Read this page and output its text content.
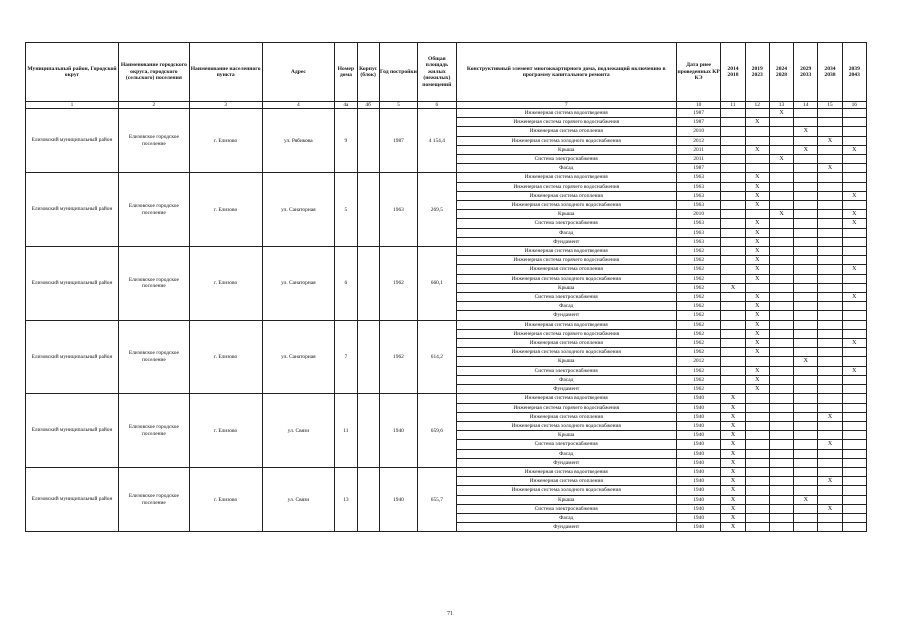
Муниципальный район, Городской округ	Наименование городского округа, городского (сельского) поселения	Наименование населенного пункта	Адрес	Номер дома	Корпус (блок)	Год постройки	Общая площадь жилых (нежилых) помещений	Конструктивный элемент многоквартирного дома, подлежащий включению в программу капитального ремонта	Дата рнее проведенных КР КЭ	2014 2018	2019 2023	2024 2028	2029 2033	2034 2038	2039 2043
1	2	3	4	4а	4б	5	6	7	10	11	12	13	14	15	16
Елизовский муниципальный район	Елизовское городское поселение	г. Елизово	ул. Рябикова	9		1987	4 154,4	Инженерная система водоотведения	1987			X			
								Инженерная система горячего водоснабжения	1987		X				
								Инженерная система отопления	2010				X		
								Инженерная система холодного водоснабжения	2012					X	
								Крыша	2011		X		X		X
								Система электроснабжения	2011			X			
								Фасад	1987					X	
Елизовский муниципальный район	Елизовское городское поселение	г. Елизово	ул. Санаторная	5		1963	269,5	Инженерная система водоотведения	1963		X				
								Инженерная система горячего водоснабжения	1963		X				
								Инженерная система отопления	1963		X				X
								Инженерная система холодного водоснабжения	1963		X				
								Крыша	2010			X			X
								Система электроснабжения	1963		X				X
								Фасад	1963		X				
								Фундамент	1963		X				
Елизовский муниципальный район	Елизовское городское поселение	г. Елизово	ул. Санаторная	6		1962	660,1	Инженерная система водоотведения	1962		X				
								Инженерная система горячего водоснабжения	1962		X				
								Инженерная система отопления	1962		X				X
								Инженерная система холодного водоснабжения	1962		X				
								Крыша	1962	X					
								Система электроснабжения	1962		X				X
								Фасад	1962		X				
								Фундамент	1962		X				
Елизовский муниципальный район	Елизовское городское поселение	г. Елизово	ул. Санаторная	7		1962	614,2	Инженерная система водоотведения	1962		X				
								Инженерная система горячего водоснабжения	1962		X				
								Инженерная система отопления	1962		X				X
								Инженерная система холодного водоснабжения	1962		X				
								Крыша	2012				X		
								Система электроснабжения	1962		X				X
								Фасад	1962		X				
								Фундамент	1962		X				
Елизовский муниципальный район	Елизовское городское поселение	г. Елизово	ул. Связи	11		1940	659,6	Инженерная система водоотведения	1940	X					
								Инженерная система горячего водоснабжения	1940	X					
								Инженерная система отопления	1940	X				X	
								Инженерная система холодного водоснабжения	1940	X					
								Крыша	1940	X					
								Система электроснабжения	1940	X				X	
								Фасад	1940	X					
								Фундамент	1940	X					
Елизовский муниципальный район	Елизовское городское поселение	г. Елизово	ул. Связи	13		1940	655,7	Инженерная система водоотведения	1940	X					
								Инженерная система отопления	1940	X				X	
								Инженерная система холодного водоснабжения	1940	X					
								Крыша	1940	X			X		
								Система электроснабжения	1940	X				X	
								Фасад	1940	X					
								Фундамент	1940	X					
71
